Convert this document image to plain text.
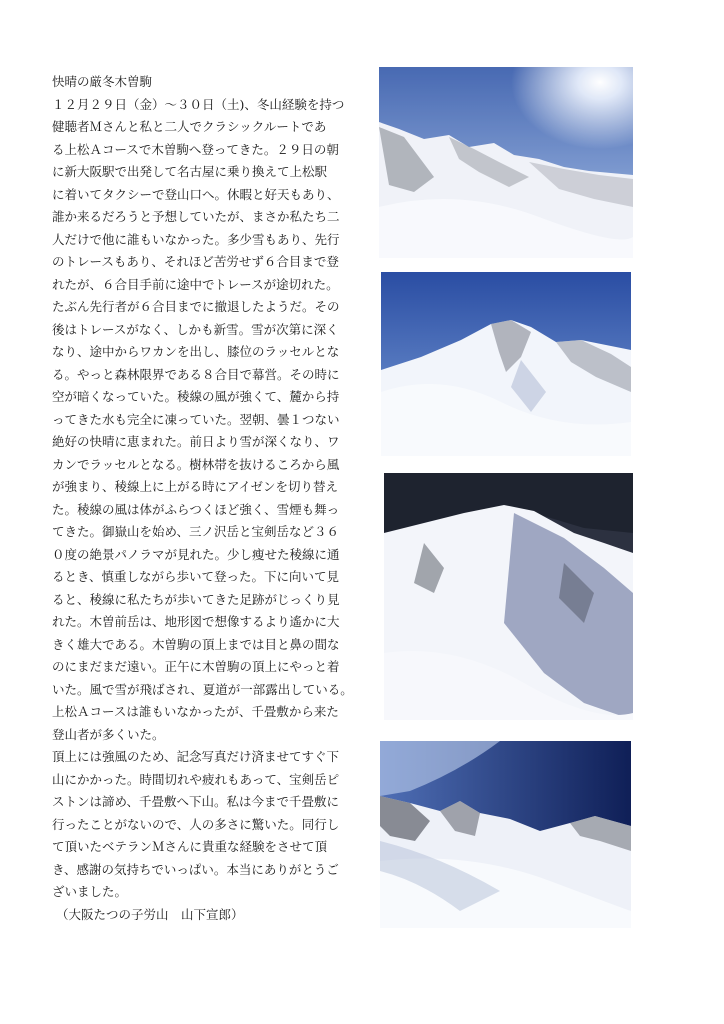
快晴の厳冬木曽駒
１２月２９日（金）～３０日（土)、冬山経験を持つ
健聴者Ｍさんと私と二人でクラシックルートであ
る上松Ａコースで木曽駒へ登ってきた。２９日の朝
に新大阪駅で出発して名古屋に乗り換えて上松駅
に着いてタクシーで登山口へ。休暇と好天もあり、
誰か来るだろうと予想していたが、まさか私たち二
人だけで他に誰もいなかった。多少雪もあり、先行
のトレースもあり、それほど苦労せず６合目まで登
れたが、６合目手前に途中でトレースが途切れた。
たぶん先行者が６合目までに撤退したようだ。その
後はトレースがなく、しかも新雪。雪が次第に深く
なり、途中からワカンを出し、膝位のラッセルとな
る。やっと森林限界である８合目で幕営。その時に
空が暗くなっていた。稜線の風が強くて、麓から持
ってきた水も完全に凍っていた。翌朝、曇１つない
絶好の快晴に恵まれた。前日より雪が深くなり、ワ
カンでラッセルとなる。樹林帯を抜けるころから風
が強まり、稜線上に上がる時にアイゼンを切り替え
た。稜線の風は体がふらつくほど強く、雪煙も舞っ
てきた。御嶽山を始め、三ノ沢岳と宝剣岳など３６
０度の絶景パノラマが見れた。少し瘦せた稜線に通
るとき、慎重しながら歩いて登った。下に向いて見
ると、稜線に私たちが歩いてきた足跡がじっくり見
れた。木曽前岳は、地形図で想像するより遙かに大
きく雄大である。木曽駒の頂上までは目と鼻の間な
のにまだまだ遠い。正午に木曽駒の頂上にやっと着
いた。風で雪が飛ばされ、夏道が一部露出している。
上松Ａコースは誰もいなかったが、千畳敷から来た
登山者が多くいた。
頂上には強風のため、記念写真だけ済ませてすぐ下
山にかかった。時間切れや疲れもあって、宝剣岳ピ
ストンは諦め、千畳敷へ下山。私は今まで千畳敷に
行ったことがないので、人の多さに驚いた。同行し
て頂いたベテランＭさんに貴重な経験をさせて頂
き、感謝の気持ちでいっぱい。本当にありがとうご
ざいました。
（大阪たつの子労山　山下宣郎）
